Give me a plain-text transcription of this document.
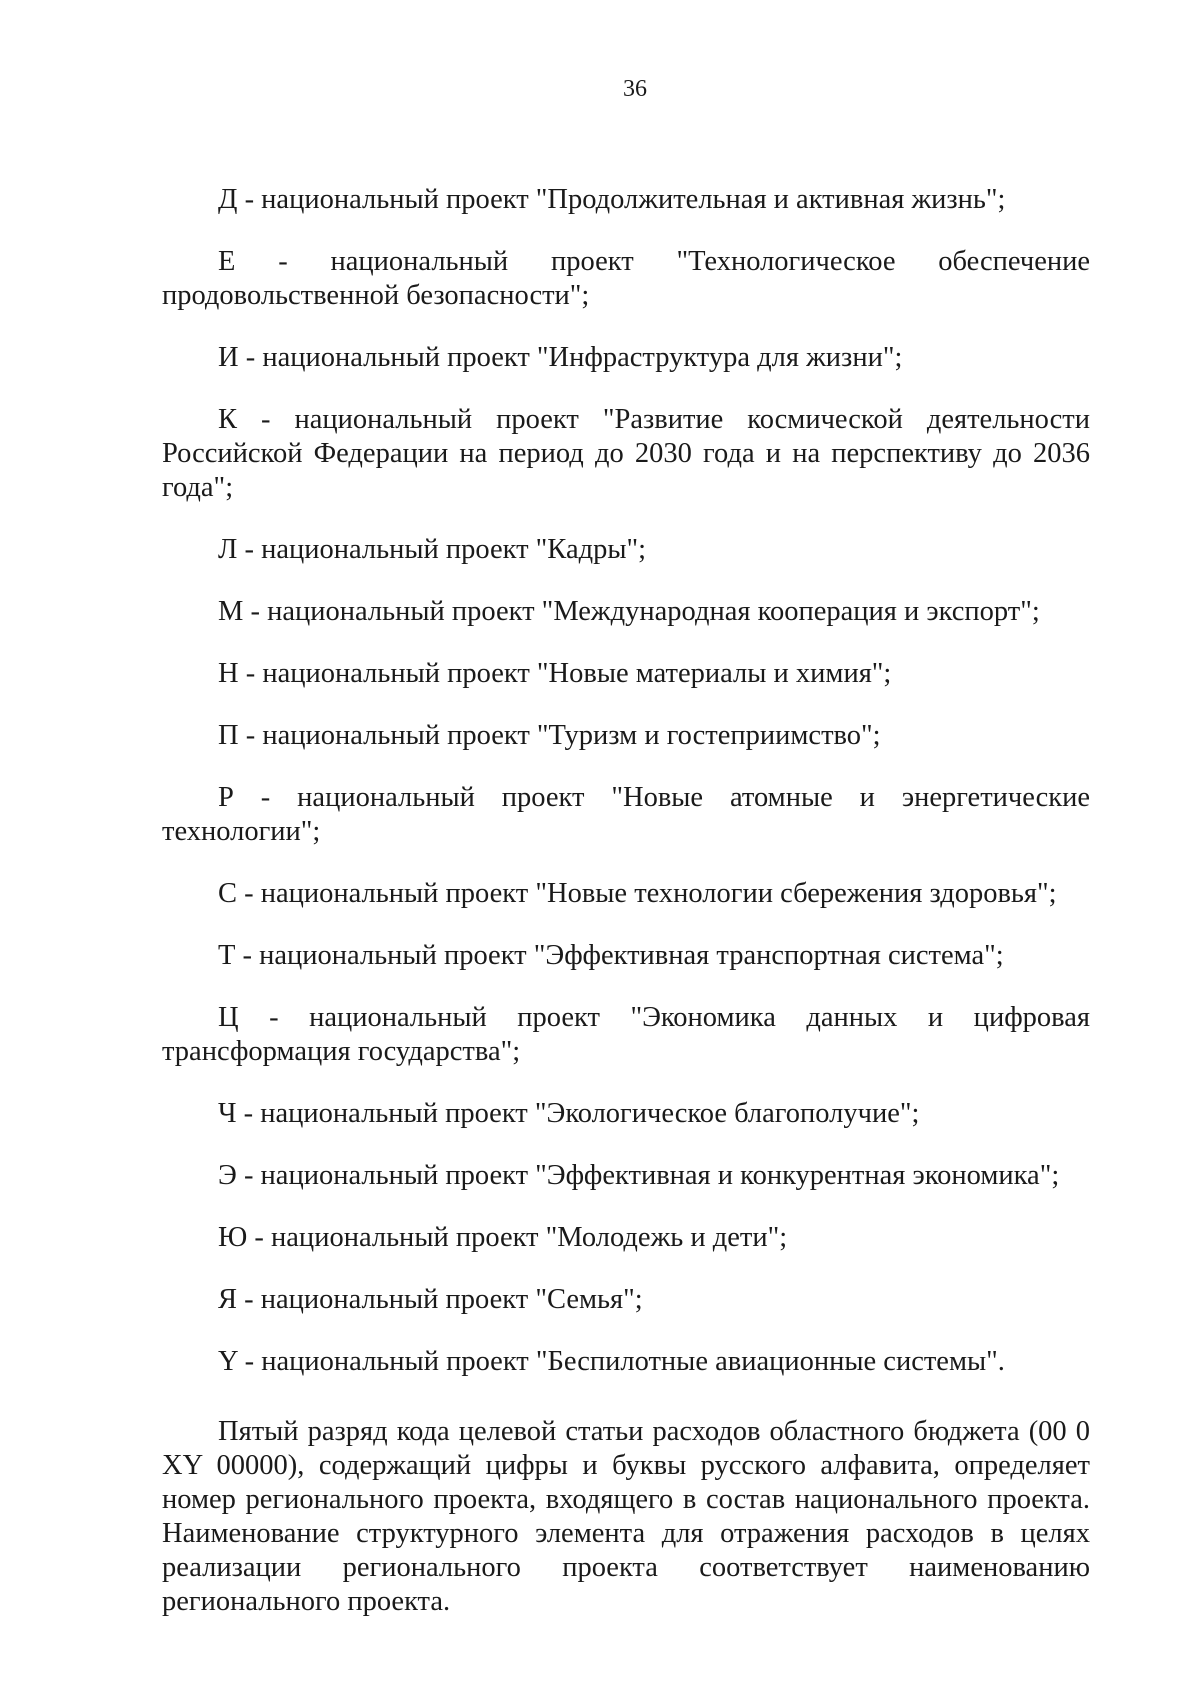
36

Д - национальный проект "Продолжительная и активная жизнь";

Е - национальный проект "Технологическое обеспечение продовольственной безопасности";

И - национальный проект "Инфраструктура для жизни";

К - национальный проект "Развитие космической деятельности Российской Федерации на период до 2030 года и на перспективу до 2036 года";

Л - национальный проект "Кадры";

М - национальный проект "Международная кооперация и экспорт";

Н - национальный проект "Новые материалы и химия";

П - национальный проект "Туризм и гостеприимство";

Р - национальный проект "Новые атомные и энергетические технологии";

С - национальный проект "Новые технологии сбережения здоровья";

Т - национальный проект "Эффективная транспортная система";

Ц - национальный проект "Экономика данных и цифровая трансформация государства";

Ч - национальный проект "Экологическое благополучие";

Э - национальный проект "Эффективная и конкурентная экономика";

Ю - национальный проект "Молодежь и дети";

Я - национальный проект "Семья";

Y - национальный проект "Беспилотные авиационные системы".

Пятый разряд кода целевой статьи расходов областного бюджета (00 0 XY 00000), содержащий цифры и буквы русского алфавита, определяет номер регионального проекта, входящего в состав национального проекта. Наименование структурного элемента для отражения расходов в целях реализации регионального проекта соответствует наименованию регионального проекта.
